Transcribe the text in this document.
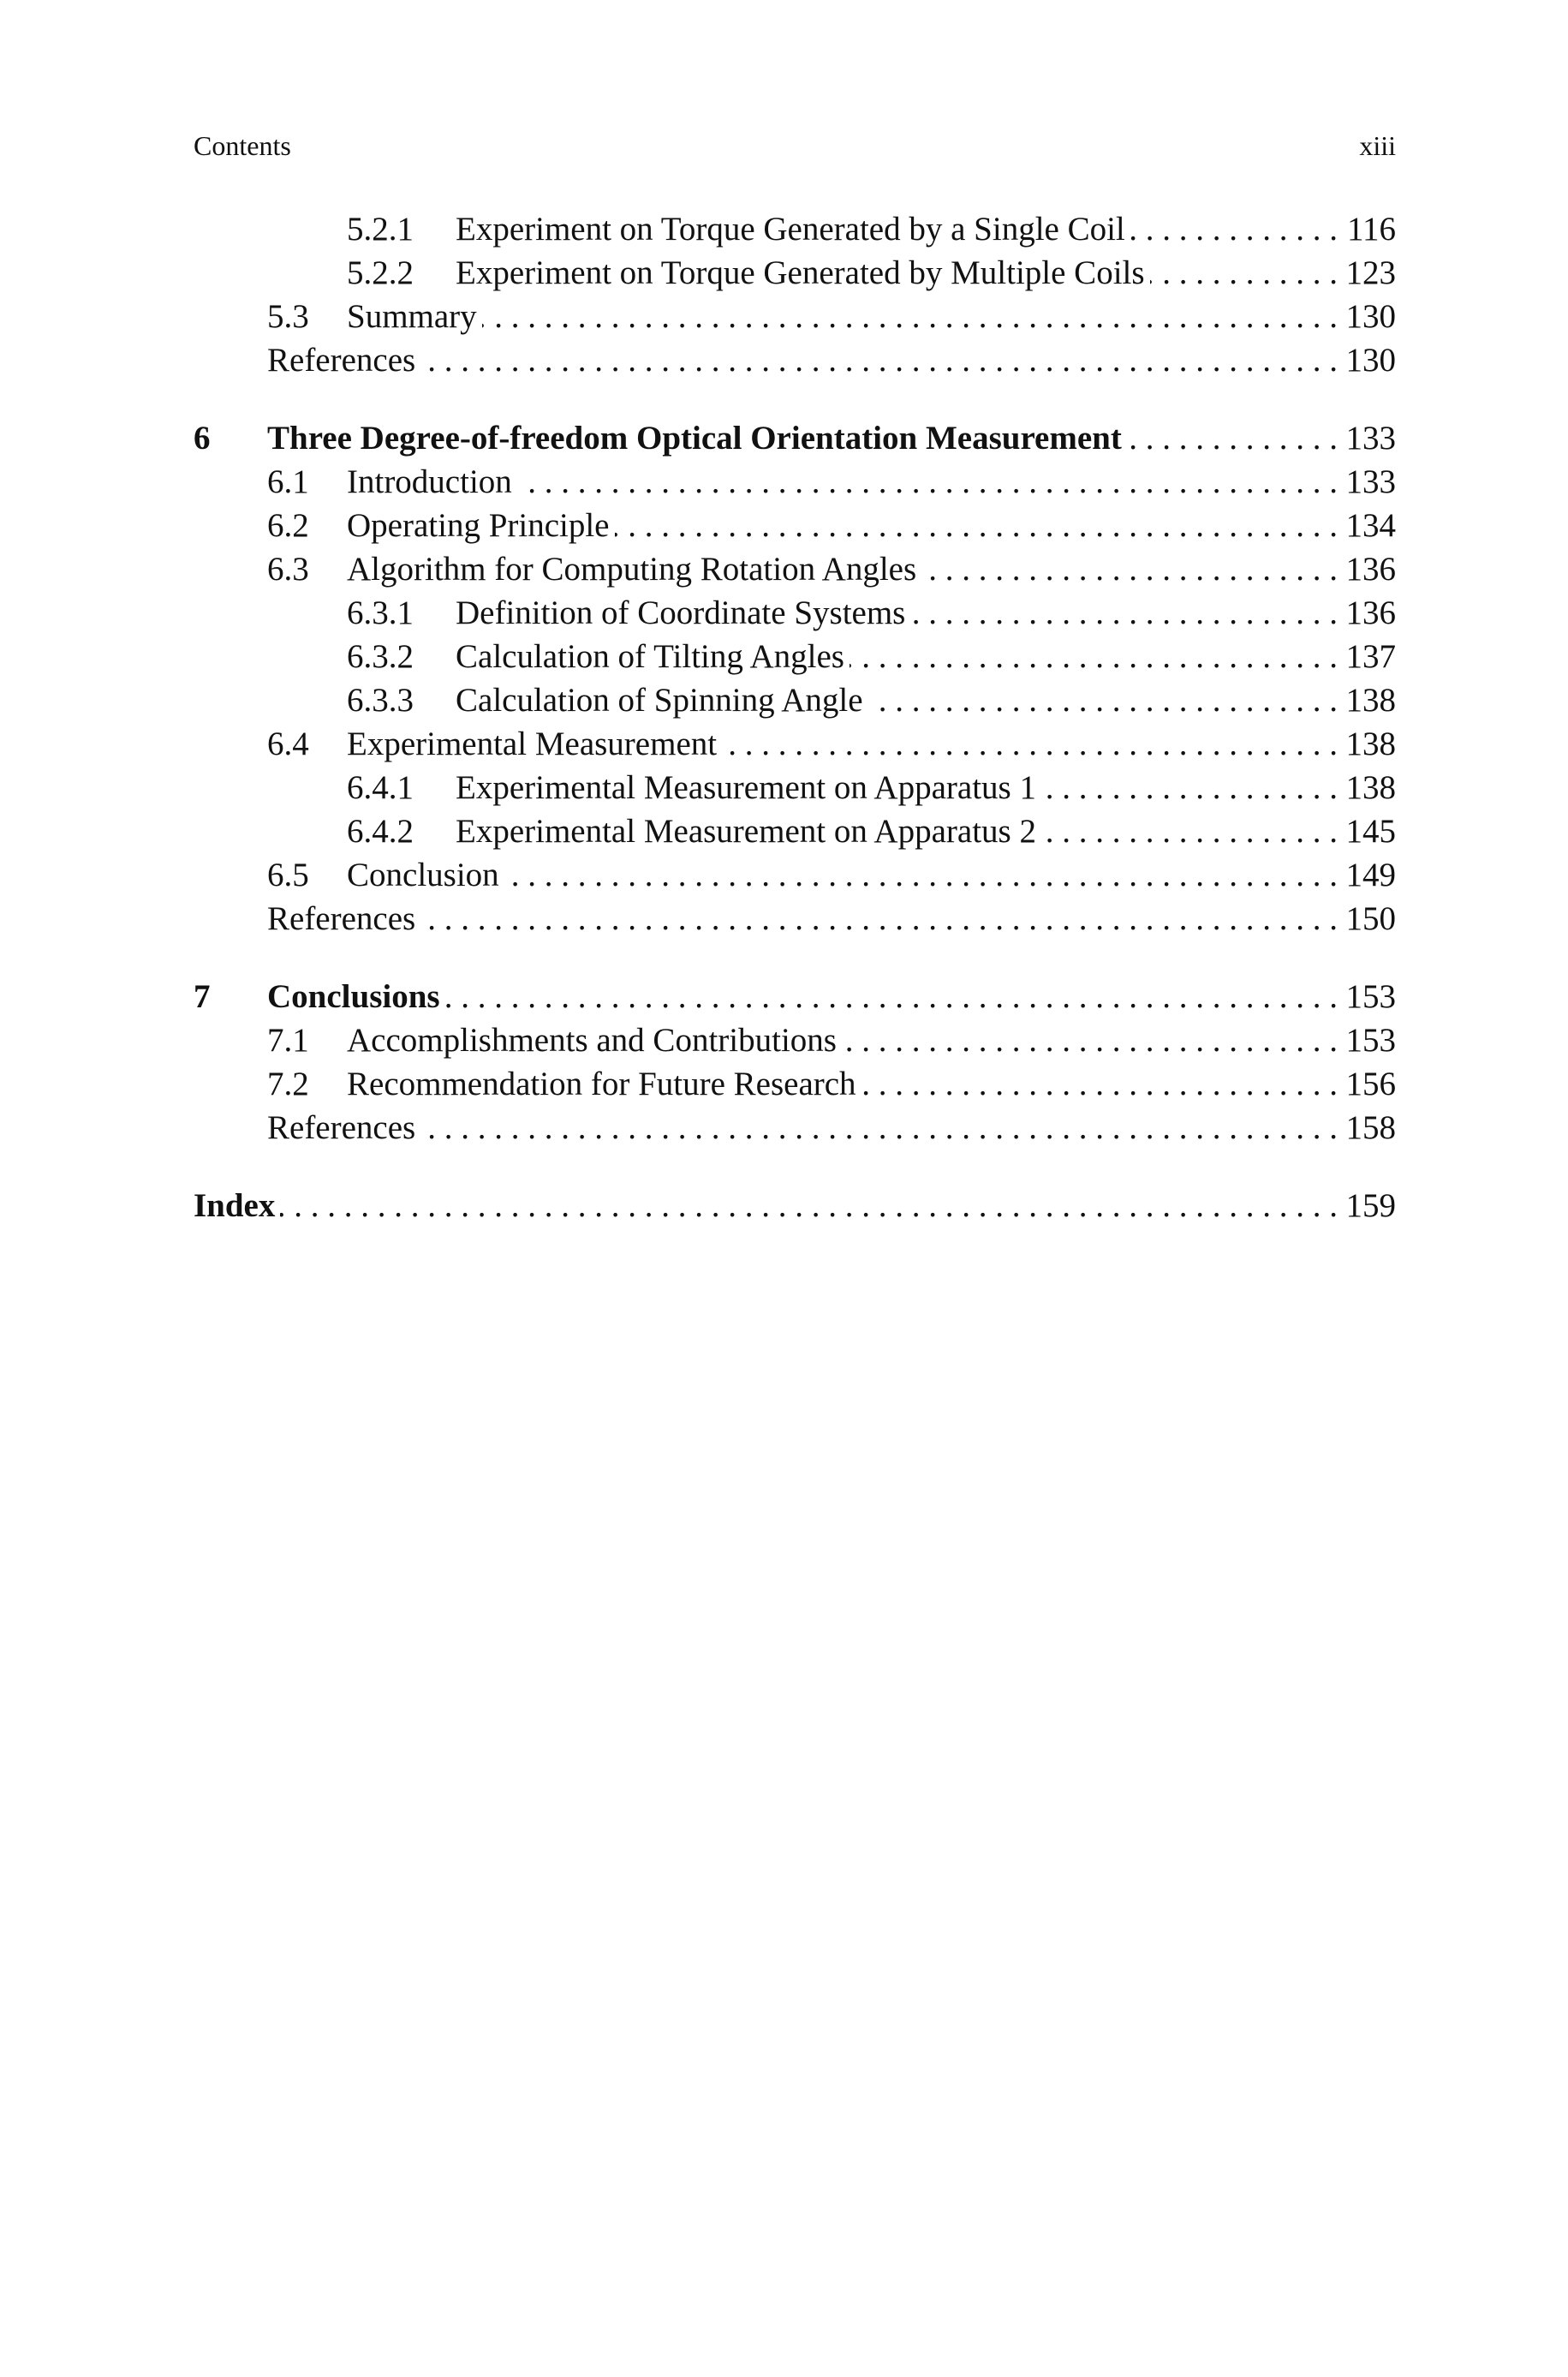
Contents	xiii
5.2.1	Experiment on Torque Generated by a Single Coil . . .	116
5.2.2	Experiment on Torque Generated by Multiple Coils . . .	123
5.3	Summary . . .	130
References . . .	130
6	Three Degree-of-freedom Optical Orientation Measurement . . .	133
6.1	Introduction . . .	133
6.2	Operating Principle . . .	134
6.3	Algorithm for Computing Rotation Angles . . .	136
6.3.1	Definition of Coordinate Systems . . .	136
6.3.2	Calculation of Tilting Angles . . .	137
6.3.3	Calculation of Spinning Angle . . .	138
6.4	Experimental Measurement . . .	138
6.4.1	Experimental Measurement on Apparatus 1 . . .	138
6.4.2	Experimental Measurement on Apparatus 2 . . .	145
6.5	Conclusion . . .	149
References . . .	150
7	Conclusions . . .	153
7.1	Accomplishments and Contributions . . .	153
7.2	Recommendation for Future Research . . .	156
References . . .	158
Index . . .	159
